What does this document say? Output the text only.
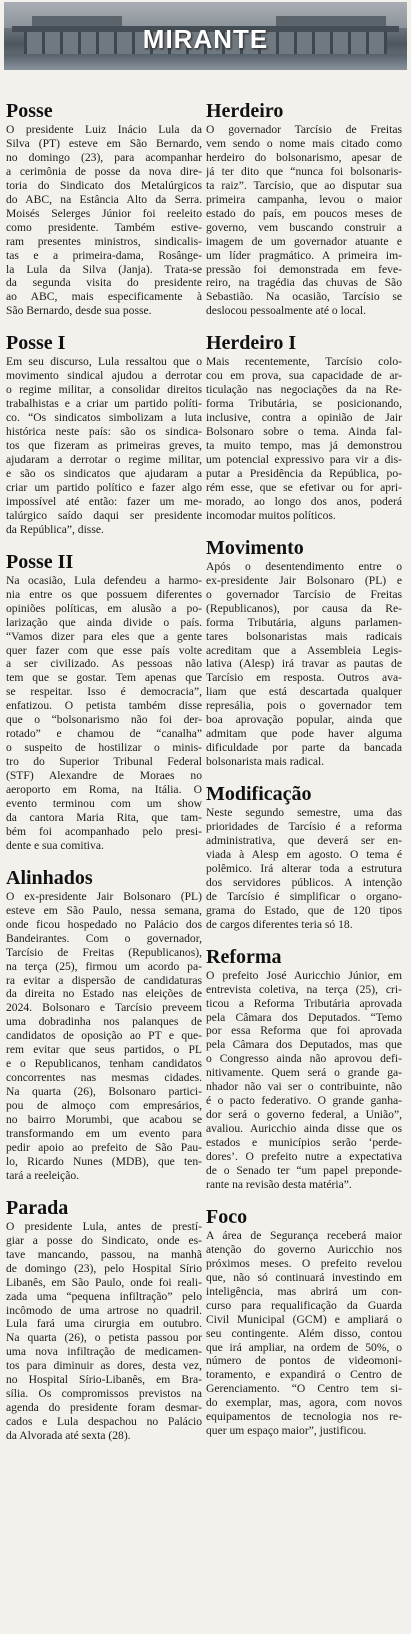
MIRANTE
Posse
O presidente Luiz Inácio Lula da
Silva (PT) esteve em São Bernardo,
no domingo (23), para acompanhar
a cerimônia de posse da nova dire-
toria do Sindicato dos Metalúrgicos
do ABC, na Estância Alto da Serra.
Moisés Selerges Júnior foi reeleito
como presidente. Também estive-
ram presentes ministros, sindicalis-
tas e a primeira-dama, Rosânge-
la Lula da Silva (Janja). Trata-se
da segunda visita do presidente
ao ABC, mais especificamente à
São Bernardo, desde sua posse.
Posse I
Em seu discurso, Lula ressaltou que o
movimento sindical ajudou a derrotar
o regime militar, a consolidar direitos
trabalhistas e a criar um partido políti-
co. “Os sindicatos simbolizam a luta
histórica neste país: são os sindica-
tos que fizeram as primeiras greves,
ajudaram a derrotar o regime militar,
e são os sindicatos que ajudaram a
criar um partido político e fazer algo
impossível até então: fazer um me-
talúrgico saído daqui ser presidente
da República”, disse.
Posse II
Na ocasião, Lula defendeu a harmo-
nia entre os que possuem diferentes
opiniões políticas, em alusão a po-
larização que ainda divide o país.
“Vamos dizer para eles que a gente
quer fazer com que esse país volte
a ser civilizado. As pessoas não
tem que se gostar. Tem apenas que
se respeitar. Isso é democracia”,
enfatizou. O petista também disse
que o “bolsonarismo não foi der-
rotado” e chamou de “canalha”
o suspeito de hostilizar o minis-
tro do Superior Tribunal Federal
(STF) Alexandre de Moraes no
aeroporto em Roma, na Itália. O
evento terminou com um show
da cantora Maria Rita, que tam-
bém foi acompanhado pelo presi-
dente e sua comitiva.
Alinhados
O ex-presidente Jair Bolsonaro (PL)
esteve em São Paulo, nessa semana,
onde ficou hospedado no Palácio dos
Bandeirantes. Com o governador,
Tarcísio de Freitas (Republicanos),
na terça (25), firmou um acordo pa-
ra evitar a dispersão de candidaturas
da direita no Estado nas eleições de
2024. Bolsonaro e Tarcísio preveem
uma dobradinha nos palanques de
candidatos de oposição ao PT e que-
rem evitar que seus partidos, o PL
e o Republicanos, tenham candidatos
concorrentes nas mesmas cidades.
Na quarta (26), Bolsonaro partici-
pou de almoço com empresários,
no bairro Morumbi, que acabou se
transformando em um evento para
pedir apoio ao prefeito de São Pau-
lo, Ricardo Nunes (MDB), que ten-
tará a reeleição.
Parada
O presidente Lula, antes de prestí-
giar a posse do Sindicato, onde es-
tave mancando, passou, na manhã
de domingo (23), pelo Hospital Sírio
Libanês, em São Paulo, onde foi reali-
zada uma “pequena infiltração” pelo
incômodo de uma artrose no quadril.
Lula fará uma cirurgia em outubro.
Na quarta (26), o petista passou por
uma nova infiltração de medicamen-
tos para diminuir as dores, desta vez,
no Hospital Sírio-Libanês, em Bra-
sília. Os compromissos previstos na
agenda do presidente foram desmar-
cados e Lula despachou no Palácio
da Alvorada até sexta (28).
Herdeiro
O governador Tarcísio de Freitas
vem sendo o nome mais citado como
herdeiro do bolsonarismo, apesar de
já ter dito que “nunca foi bolsonaris-
ta raiz”. Tarcísio, que ao disputar sua
primeira campanha, levou o maior
estado do país, em poucos meses de
governo, vem buscando construir a
imagem de um governador atuante e
um líder pragmático. A primeira im-
pressão foi demonstrada em feve-
reiro, na tragédia das chuvas de São
Sebastião. Na ocasião, Tarcísio se
deslocou pessoalmente até o local.
Herdeiro I
Mais recentemente, Tarcísio colo-
cou em prova, sua capacidade de ar-
ticulação nas negociações da na Re-
forma Tributária, se posicionando,
inclusive, contra a opinião de Jair
Bolsonaro sobre o tema. Ainda fal-
ta muito tempo, mas já demonstrou
um potencial expressivo para vir a dis-
putar a Presidência da República, po-
rém esse, que se efetivar ou for apri-
morado, ao longo dos anos, poderá
incomodar muitos políticos.
Movimento
Após o desentendimento entre o
ex-presidente Jair Bolsonaro (PL) e
o governador Tarcísio de Freitas
(Republicanos), por causa da Re-
forma Tributária, alguns parlamen-
tares bolsonaristas mais radicais
acreditam que a Assembleia Legis-
lativa (Alesp) irá travar as pautas de
Tarcísio em resposta. Outros ava-
liam que está descartada qualquer
represália, pois o governador tem
boa aprovação popular, ainda que
admitam que pode haver alguma
dificuldade por parte da bancada
bolsonarista mais radical.
Modificação
Neste segundo semestre, uma das
prioridades de Tarcísio é a reforma
administrativa, que deverá ser en-
viada à Alesp em agosto. O tema é
polêmico. Irá alterar toda a estrutura
dos servidores públicos. A intenção
de Tarcísio é simplificar o organo-
grama do Estado, que de 120 tipos
de cargos diferentes teria só 18.
Reforma
O prefeito José Auricchio Júnior, em
entrevista coletiva, na terça (25), cri-
ticou a Reforma Tributária aprovada
pela Câmara dos Deputados. “Temo
por essa Reforma que foi aprovada
pela Câmara dos Deputados, mas que
o Congresso ainda não aprovou defi-
nitivamente. Quem será o grande ga-
nhador não vai ser o contribuinte, não
é o pacto federativo. O grande ganha-
dor será o governo federal, a União”,
avaliou. Auricchio ainda disse que os
estados e municípios serão ‘perde-
dores’. O prefeito nutre a expectativa
de o Senado ter “um papel preponde-
rante na revisão desta matéria”.
Foco
A área de Segurança receberá maior
atenção do governo Auricchio nos
próximos meses. O prefeito revelou
que, não só continuará investindo em
inteligência, mas abrirá um con-
curso para requalificação da Guarda
Civil Municipal (GCM) e ampliará o
seu contingente. Além disso, contou
que irá ampliar, na ordem de 50%, o
número de pontos de videomoni-
toramento, e expandirá o Centro de
Gerenciamento. “O Centro tem si-
do exemplar, mas, agora, com novos
equipamentos de tecnologia nos re-
quer um espaço maior”, justificou.
